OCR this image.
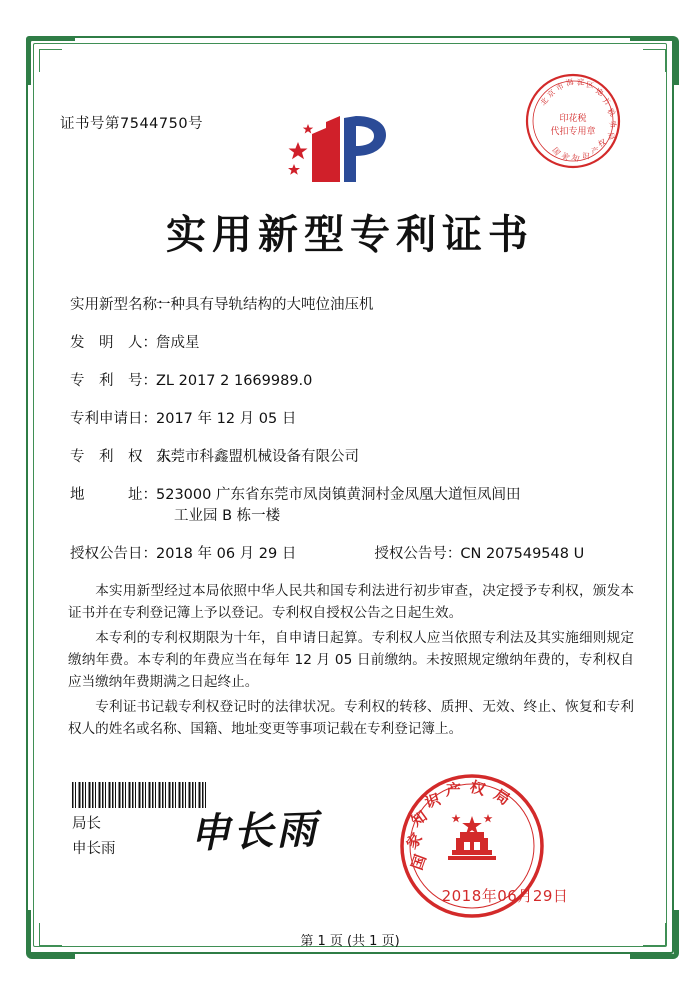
证书号第7544750号	印花税
代扣专用章
北
京
市 海 淀 区
地
方
税
务
局
国
家 知 识 产
权
实用新型专利证书
实用新型名称：
一种具有导轨结构的大吨位油压机
发　明　人： 詹成星
专　利　号： ZL 2017 2 1669989.0
专利申请日： 2017 年 12 月 05 日
专　利　权　人：
东莞市科鑫盟机械设备有限公司
地　　　址： 523000 广东省东莞市凤岗镇黄洞村金凤凰大道恒凤闾田
工业园 B 栋一楼
授权公告日： 2018 年 06 月 29 日	授权公告号： CN 207549548 U

本实用新型经过本局依照中华人民共和国专利法进行初步审查，决定授予专利权，颁发本证书并在专利登记簿上予以登记。专利权自授权公告之日起生效。

本专利的专利权期限为十年，自申请日起算。专利权人应当依照专利法及其实施细则规定缴纳年费。本专利的年费应当在每年 12 月 05 日前缴纳。未按照规定缴纳年费的，专利权自应当缴纳年费期满之日起终止。

专利证书记载专利权登记时的法律状况。专利权的转移、质押、无效、终止、恢复和专利权人的姓名或名称、国籍、地址变更等事项记载在专利登记簿上。

局长
申长雨 申长雨
国
家
知
识
产 权 局
2018年06月29日
第 1 页 (共 1 页)
